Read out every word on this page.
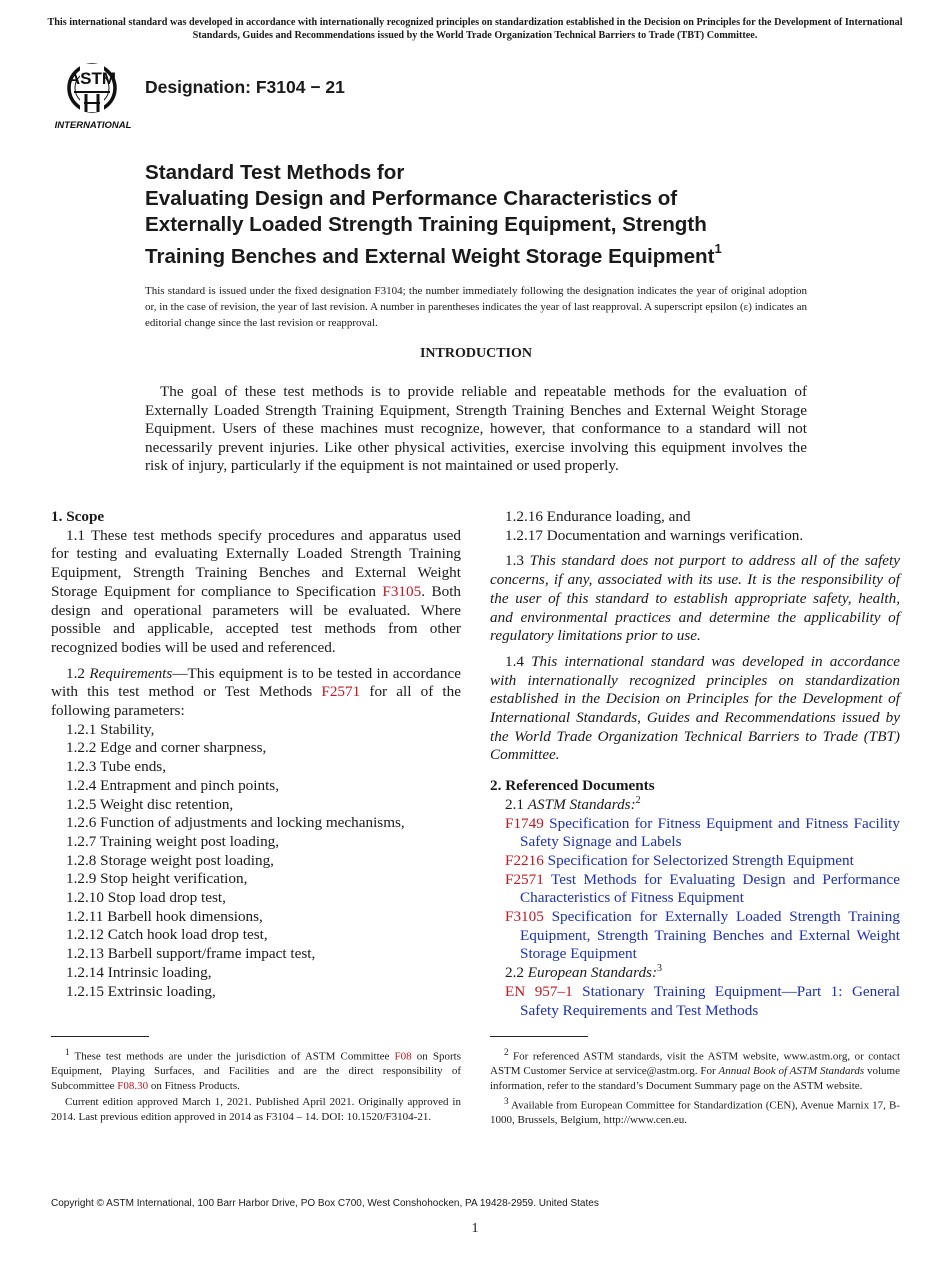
This international standard was developed in accordance with internationally recognized principles on standardization established in the Decision on Principles for the Development of International Standards, Guides and Recommendations issued by the World Trade Organization Technical Barriers to Trade (TBT) Committee.
ASTM
INTERNATIONAL
Designation: F3104 − 21
Standard Test Methods for
Evaluating Design and Performance Characteristics of
Externally Loaded Strength Training Equipment, Strength
Training Benches and External Weight Storage Equipment$^1$
This standard is issued under the fixed designation F3104; the number immediately following the designation indicates the year of original adoption or, in the case of revision, the year of last revision. A number in parentheses indicates the year of last reapproval. A superscript epsilon (ε) indicates an editorial change since the last revision or reapproval.
INTRODUCTION
The goal of these test methods is to provide reliable and repeatable methods for the evaluation of Externally Loaded Strength Training Equipment, Strength Training Benches and External Weight Storage Equipment. Users of these machines must recognize, however, that conformance to a standard will not necessarily prevent injuries. Like other physical activities, exercise involving this equipment involves the risk of injury, particularly if the equipment is not maintained or used properly.

1. Scope

1.1 These test methods specify procedures and apparatus used for testing and evaluating Externally Loaded Strength Training Equipment, Strength Training Benches and External Weight Storage Equipment for compliance to Specification F3105. Both design and operational parameters will be evaluated. Where possible and applicable, accepted test methods from other recognized bodies will be used and referenced.

1.2 Requirements—This equipment is to be tested in accordance with this test method or Test Methods F2571 for all of the following parameters:

1.2.1 Stability,

1.2.2 Edge and corner sharpness,

1.2.3 Tube ends,

1.2.4 Entrapment and pinch points,

1.2.5 Weight disc retention,

1.2.6 Function of adjustments and locking mechanisms,

1.2.7 Training weight post loading,

1.2.8 Storage weight post loading,

1.2.9 Stop height verification,

1.2.10 Stop load drop test,

1.2.11 Barbell hook dimensions,

1.2.12 Catch hook load drop test,

1.2.13 Barbell support/frame impact test,

1.2.14 Intrinsic loading,

1.2.15 Extrinsic loading,

1.2.16 Endurance loading, and

1.2.17 Documentation and warnings verification.

1.3 This standard does not purport to address all of the safety concerns, if any, associated with its use. It is the responsibility of the user of this standard to establish appropriate safety, health, and environmental practices and determine the applicability of regulatory limitations prior to use.

1.4 This international standard was developed in accordance with internationally recognized principles on standardization established in the Decision on Principles for the Development of International Standards, Guides and Recommendations issued by the World Trade Organization Technical Barriers to Trade (TBT) Committee.

2. Referenced Documents

2.1 ASTM Standards:$^2$

F1749 Specification for Fitness Equipment and Fitness Facility Safety Signage and Labels

F2216 Specification for Selectorized Strength Equipment

F2571 Test Methods for Evaluating Design and Performance Characteristics of Fitness Equipment

F3105 Specification for Externally Loaded Strength Training Equipment, Strength Training Benches and External Weight Storage Equipment

2.2 European Standards:$^3$

EN 957–1 Stationary Training Equipment—Part 1: General Safety Requirements and Test Methods

$^1$ These test methods are under the jurisdiction of ASTM Committee F08 on Sports Equipment, Playing Surfaces, and Facilities and are the direct responsibility of Subcommittee F08.30 on Fitness Products.

Current edition approved March 1, 2021. Published April 2021. Originally approved in 2014. Last previous edition approved in 2014 as F3104 – 14. DOI: 10.1520/F3104-21.

$^2$ For referenced ASTM standards, visit the ASTM website, www.astm.org, or contact ASTM Customer Service at service@astm.org. For Annual Book of ASTM Standards volume information, refer to the standard’s Document Summary page on the ASTM website.

$^3$ Available from European Committee for Standardization (CEN), Avenue Marnix 17, B-1000, Brussels, Belgium, http://www.cen.eu.

Copyright © ASTM International, 100 Barr Harbor Drive, PO Box C700, West Conshohocken, PA 19428-2959. United States
1
